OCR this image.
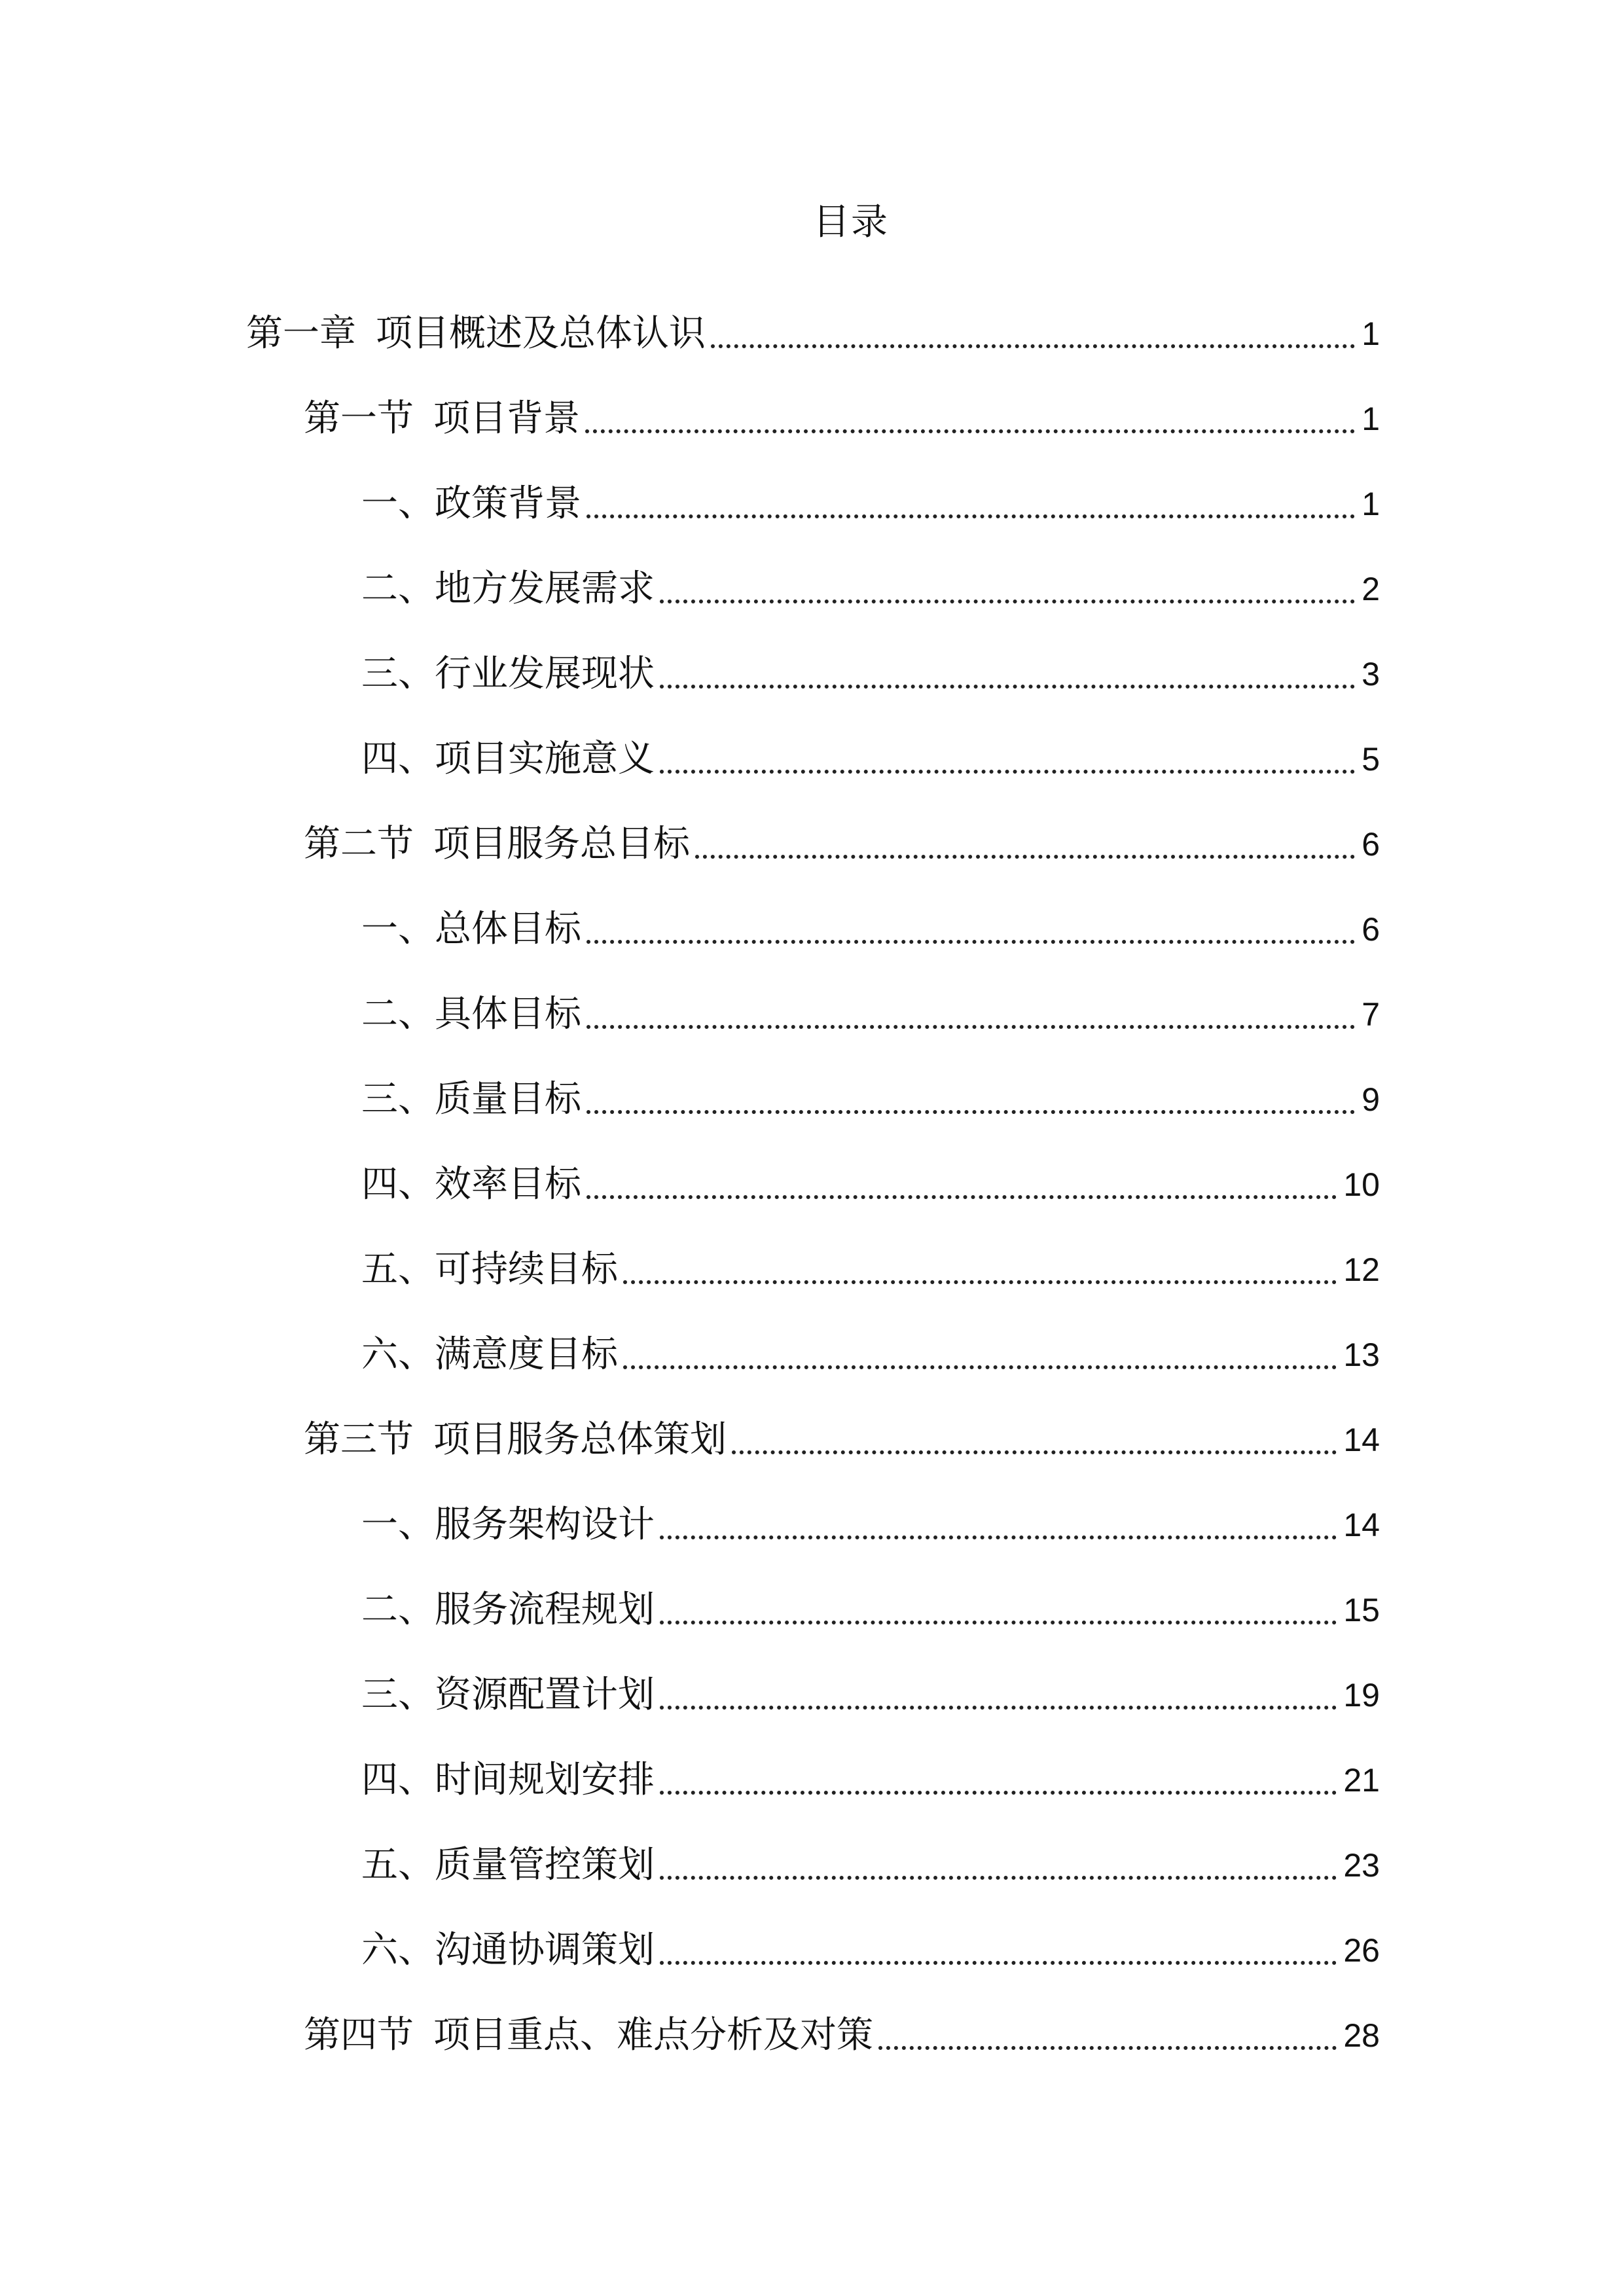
目录
第一章 项目概述及总体认识	1
第一节 项目背景	1
一、 政策背景	1
二、 地方发展需求	2
三、 行业发展现状	3
四、 项目实施意义	5
第二节 项目服务总目标	6
一、 总体目标	6
二、 具体目标	7
三、 质量目标	9
四、 效率目标	10
五、 可持续目标	12
六、 满意度目标	13
第三节 项目服务总体策划	14
一、 服务架构设计	14
二、 服务流程规划	15
三、 资源配置计划	19
四、 时间规划安排	21
五、 质量管控策划	23
六、 沟通协调策划	26
第四节 项目重点、难点分析及对策	28
